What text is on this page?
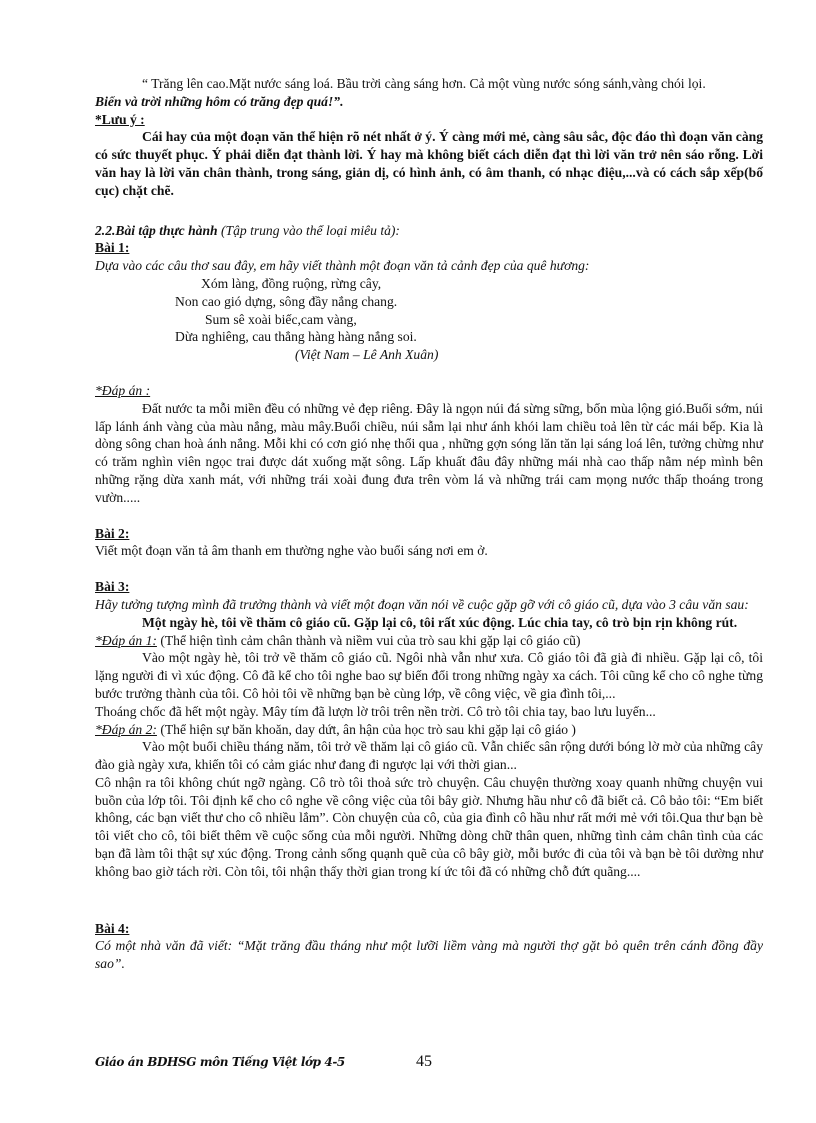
“ Trăng lên cao.Mặt nước sáng loá. Bầu trời càng sáng hơn. Cả một vùng nước sóng sánh,vàng chói lọi.

Biển và trời những hôm có trăng đẹp quá!”.

*Lưu ý :

Cái hay của một đoạn văn thể hiện rõ nét nhất ở ý. Ý càng mới mẻ, càng sâu sắc, độc đáo thì đoạn văn càng có sức thuyết phục. Ý phải diễn đạt thành lời. Ý hay mà không biết cách diễn đạt thì lời văn trở nên sáo rỗng. Lời văn hay là lời văn chân thành, trong sáng, giản dị, có hình ảnh, có âm thanh, có nhạc điệu,...và có cách sắp xếp(bố cục) chặt chẽ.

2.2.Bài tập thực hành (Tập trung vào thể loại miêu tả):

Bài 1:

Dựa vào các câu thơ sau đây, em hãy viết thành một đoạn văn tả cảnh đẹp của quê hương:

Xóm làng, đồng ruộng, rừng cây,

Non cao gió dựng, sông đầy nắng chang.

Sum sê xoài biếc,cam vàng,

Dừa nghiêng, cau thẳng hàng hàng nắng soi.

(Việt Nam – Lê Anh Xuân)

*Đáp án :

Đất nước ta mỗi miền đều có những vẻ đẹp riêng. Đây là ngọn núi đá sừng sững, bốn mùa lộng gió.Buổi sớm, núi lấp lánh ánh vàng của màu nắng, màu mây.Buổi chiều, núi sẫm lại như ánh khói lam chiều toả lên từ các mái bếp. Kia là dòng sông chan hoà ánh nắng. Mỗi khi có cơn gió nhẹ thổi qua , những gợn sóng lăn tăn lại sáng loá lên, tưởng chừng như có trăm nghìn viên ngọc trai được dát xuống mặt sông. Lấp khuất đâu đây những mái nhà cao thấp nằm nép mình bên những rặng dừa xanh mát, với những trái xoài đung đưa trên vòm lá và những trái cam mọng nước thấp thoáng trong vườn.....

Bài 2:

Viết một đoạn văn tả âm thanh em thường nghe vào buổi sáng nơi em ở.

Bài 3:

Hãy tưởng tượng mình đã trưởng thành và viết một đoạn văn nói về cuộc gặp gỡ với cô giáo cũ, dựa vào 3 câu văn sau:

Một ngày hè, tôi về thăm cô giáo cũ. Gặp lại cô, tôi rất xúc động. Lúc chia tay, cô trò bịn rịn không rút.

*Đáp án 1: (Thể hiện tình cảm chân thành và niềm vui của trò sau khi gặp lại cô giáo cũ)

Vào một ngày hè, tôi trở về thăm cô giáo cũ. Ngôi nhà vẫn như xưa. Cô giáo tôi đã già đi nhiều. Gặp lại cô, tôi lặng người đi vì xúc động. Cô đã kể cho tôi nghe bao sự biến đổi trong những ngày xa cách. Tôi cũng kể cho cô nghe từng bước trưởng thành của tôi. Cô hỏi tôi về những bạn bè cùng lớp, về công việc, về gia đình tôi,...

Thoáng chốc đã hết một ngày. Mây tím đã lượn lờ trôi trên nền trời. Cô trò tôi chia tay, bao lưu luyến...

*Đáp án 2: (Thể hiện sự băn khoăn, day dứt, ân hận của học trò sau khi gặp lại cô giáo )

Vào một buổi chiều tháng năm, tôi trở về thăm lại cô giáo cũ. Vẫn chiếc sân rộng dưới bóng lờ mờ của những cây đào già ngày xưa, khiến tôi có cảm giác như đang đi ngược lại với thời gian...

Cô nhận ra tôi không chút ngỡ ngàng. Cô trò tôi thoả sức trò chuyện. Câu chuyện thường xoay quanh những chuyện vui buồn của lớp tôi. Tôi định kể cho cô nghe về công việc của tôi bây giờ. Nhưng hầu như cô đã biết cả. Cô bảo tôi: “Em biết không, các bạn viết thư cho cô nhiều lắm”. Còn chuyện của cô, của gia đình cô hầu như rất mới mẻ với tôi.Qua thư bạn bè tôi viết cho cô, tôi biết thêm về cuộc sống của mỗi người. Những dòng chữ thân quen, những tình cảm chân tình của các bạn đã làm tôi thật sự xúc động. Trong cảnh sống quạnh quẽ của cô bây giờ, mỗi bước đi của tôi và bạn bè tôi dường như không bao giờ tách rời. Còn tôi, tôi nhận thấy thời gian trong kí ức tôi đã có những chỗ đứt quãng....

Bài 4:

Có một nhà văn đã viết: “Mặt trăng đầu tháng như một lưỡi liềm vàng mà người thợ gặt bỏ quên trên cánh đồng đầy sao”.

Giáo án BDHSG môn Tiếng Việt lớp 4-5	45
